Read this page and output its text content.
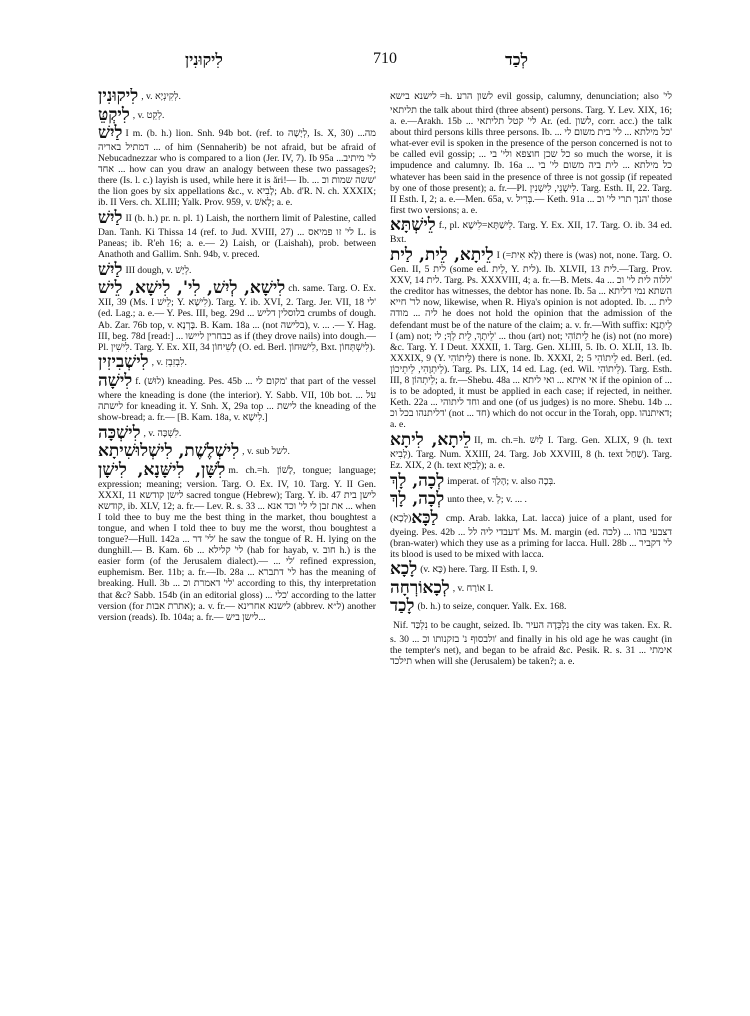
לִיקוּנִין	710	לְכַד

לִיקוּנִין , v. לְקִינְיָא.

לִיקְטֵּ , v. לְקֵט.

לַיִשׁ I m. (b. h.) lion. Snh. 94b bot. (ref. to לְיָשָׁה, Is. X, 30) מה... דמתיל באריה ... of him (Sennaherib) be not afraid, but be afraid of Nebucadnezzar who is compared to a lion (Jer. IV, 7). Ib 95a ...לי' מיתיב ... אחד how can you draw an analogy between these two passages?; there (Is. l. c.) layish is used, while here it is ări!— Ib. ... ששה שמות וכ' the lion goes by six appellations &c., v. לָבִיא; Ab. d'R. N. ch. XXXIX; ib. II Vers. ch. XLIII; Yalk. Prov. 959, v. לָאשׁ; a. e.

לַיִשׁ II (b. h.) pr. n. pl. 1) Laish, the northern limit of Palestine, called Dan. Tanh. Ki Thissa 14 (ref. to Jud. XVIII, 27) ... לי' זו פמיאס L. is Paneas; ib. R'eh 16; a. e.— 2) Laish, or (Laishah), prob. between Anathoth and Gallim. Snh. 94b, v. preced.

לַיִשׁ III dough, v. לְיָשׁ.

לִישָׁא, לְיִשׁ, לִי', לִישָׁא, לֵישׁ ch. same. Targ. O. Ex. XII, 39 (Ms. I לֵישׁ; Y. לִישָׁא). Targ. Y. ib. XVI, 2. Targ. Jer. VII, 18 לי' (ed. Lag.; a. e.— Y. Pes. III, beg. 29d ... בלוסלין דליש crumbs of dough. Ab. Zar. 76b top, v. בָּרְנָא. B. Kam. 18a ... (not בלישה), v. ... .— Y. Hag. III, beg. 78d [read:] ... כבחרין ליישו as if (they drove nails) into dough.—Pl. לִישִׁין. Targ. Y. Ex. XII, 34 לְשִׁיחוֹן (O. ed. Berl. לִישׁוּחוֹן, Bxt. לִישְׁתְּחוֹן).

לִישְׁבִיזִין , v. לִבְזִבְזִ.

לִישָׁה f. (לוּשׁ) kneading. Pes. 45b ... מקום לי' that part of the vessel where the kneading is done (the interior). Y. Sabb. VII, 10b bot. ... על לישתה for kneading it. Y. Snh. X, 29a top ... לישת the kneading of the show-bread; a. fr.— [B. Kam. 18a, v. לִישָׁא.]

לִישְׁכָּה , v. לִשְׁכָּה.

לִישְׁלֶשֶׁת, לִישְׁלוּשִׁיתָא , v. sub לשל.

לִשָּׁן, לִישָּׁנָא, לִישָׁן m. ch.=h. לָשׁוֹן, tongue; language; expression; meaning; version. Targ. O. Ex. IV, 10. Targ. Y. II Gen. XXXI, 11 לישן קודשא sacred tongue (Hebrew); Targ. Y. ib. 47 לישן בית קודשא, ib. XLV, 12; a. fr.— Lev. R. s. 33 ... את זבן לי לי' וכד אנא ... when I told thee to buy me the best thing in the market, thou boughtest a tongue, and when I told thee to buy me the worst, thou boughtest a tongue?—Hull. 142a ... לי' דר' he saw the tongue of R. H. lying on the dunghill.— B. Kam. 6b ... לי' קלילא (hab for hayab, v. חוב h.) is the easier form (of the Jerusalem dialect).— ... לי' refined expression, euphemism. Ber. 11b; a. fr.—Ib. 28a ... לי' דתברא has the meaning of breaking. Hull. 3b ... לי' דאמרת וכ' according to this, thy interpretation that &c? Sabb. 154b (in an editorial gloss) ... כלי' according to the latter version (for אתרת אבות); a. v. fr.— לישנא אחרינא (abbrev. ל״א) another version (reads). Ib. 104a; a. fr.— לישן ביש...

לישנא בישא=h. לשון הרע evil gossip, calumny, denunciation; also לי' תליתאי the talk about third (three absent) persons. Targ. Y. Lev. XIX, 16; a. e.—Arakh. 15b ... לי' קטל תליתאי Ar. (ed. לשון, corr. acc.) the talk about third persons kills three persons. Ib. ... כל מילתא ... לי' בית משום לי' what-ever evil is spoken in the presence of the person concerned is not to be called evil gossip; ... כל שכן חוצפא ולי' בי so much the worse, it is impudence and calumny. Ib. 16a ... כל מילתא ... לית ביה משום לי' בי whatever has been said in the presence of three is not gossip (if repeated by one of those present); a. fr.—Pl. לִישָׁנֵי, לִישָׁנִין. Targ. Esth. II, 22. Targ. II Esth. I, 2; a. e.—Men. 65a, v. בְּרִיל.— Keth. 91a ... הנך תרי לי' וכ' those first two versions; a. e.

לֵישְׁתָּא f., pl. לֵישַׁתָּא=לִישָׁא. Targ. Y. Ex. XII, 17. Targ. O. ib. 34 ed. Bxt.

לֵיתָא, לֵית, לַית I (=לָא אִית) there is (was) not, none. Targ. O. Gen. II, 5 לית (some ed. לֵית, Y. לית). Ib. XLVII, 13 לית.—Targ. Prov. XXV, 14 לית. Targ. Ps. XXXVIII, 4; a. fr.—B. Mets. 4a ... ללוה לית לי' וכ' the creditor has witnesses, the debtor has none. Ib. 5a ... השתא נמי דליתא לר' חייא now, likewise, when R. Hiya's opinion is not adopted. Ib. ... לית ליה ... מודה he does not hold the opinion that the admission of the defendant must be of the nature of the claim; a. v. fr.—With suffix: לֵיתָנָא I (am) not; לֵיתָךְ, לֵית לְךָ; לי' ... thou (art) not; לֵיתוֹהִי he (is) not (no more) &c. Targ. Y. I Deut. XXXII, 1. Targ. Gen. XLIII, 5. Ib. O. XLII, 13. Ib. XXXIX, 9 (Y. לֵיתוֹהִי) there is none. Ib. XXXI, 2; 5 לֵיתוֹהִי ed. Berl. (ed. לֵיתְוָהִי, לֵיתֵיכוֹן). Targ. Ps. LIX, 14 ed. Lag. (ed. Wil. לֵיתוֹהִי). Targ. Esth. III, 8 לֵיתְהוֹן; a. fr.—Shebu. 48a ... אי איתא ... ואי ליתא if the opinion of ... is to be adopted, it must be applied in each case; if rejected, in neither. Keth. 22a ... וחד ליתוהי and one (of us judges) is no more. Shebu. 14b ... דליתנהו בכל וכ' (not ... חד) which do not occur in the Torah, opp. דאיתנהו; a. e.

לֵיתָא, לִיתָא II, m. ch.=h. לַיִשׁ I. Targ. Gen. XLIX, 9 (h. text לָבִיא). Targ. Num. XXIII, 24. Targ. Job XXVIII, 8 (h. text שַׁחַל). Targ. Ez. XIX, 2 (h. text לְבִיָּא); a. e.

לְכָה, לָךְ imperat. of הָלַךְ; v. also בְּכָה.

לְכָה, לָךְ unto thee, v. לְ; v. ... .

לַכָּא(לָכָא) cmp. Arab. lakka, Lat. lacca) juice of a plant, used for dyeing. Pes. 42b ... דעבדי ליה לל' Ms. M. margin (ed. לכה) ... דצבעי בהו (bran-water) which they use as a priming for lacca. Hull. 28b ... לי' דקביר its blood is used to be mixed with lacca.

לָכָא (v. כָּא) here. Targ. II Esth. I, 9.

לְכָאוֹרְחָה , v. אוֹרַח I.

לָכַד (b. h.) to seize, conquer. Yalk. Ex. 168.

Nif. נִלְכַּד to be caught, seized. Ib. נִלְכְּדָה העיר the city was taken. Ex. R. s. 30 ... ולבסוף נ' בזקנותו וכ' and finally in his old age he was caught (in the tempter's net), and began to be afraid &c. Pesik. R. s. 31 ... אימתי תילכד when will she (Jerusalem) be taken?; a. e.
